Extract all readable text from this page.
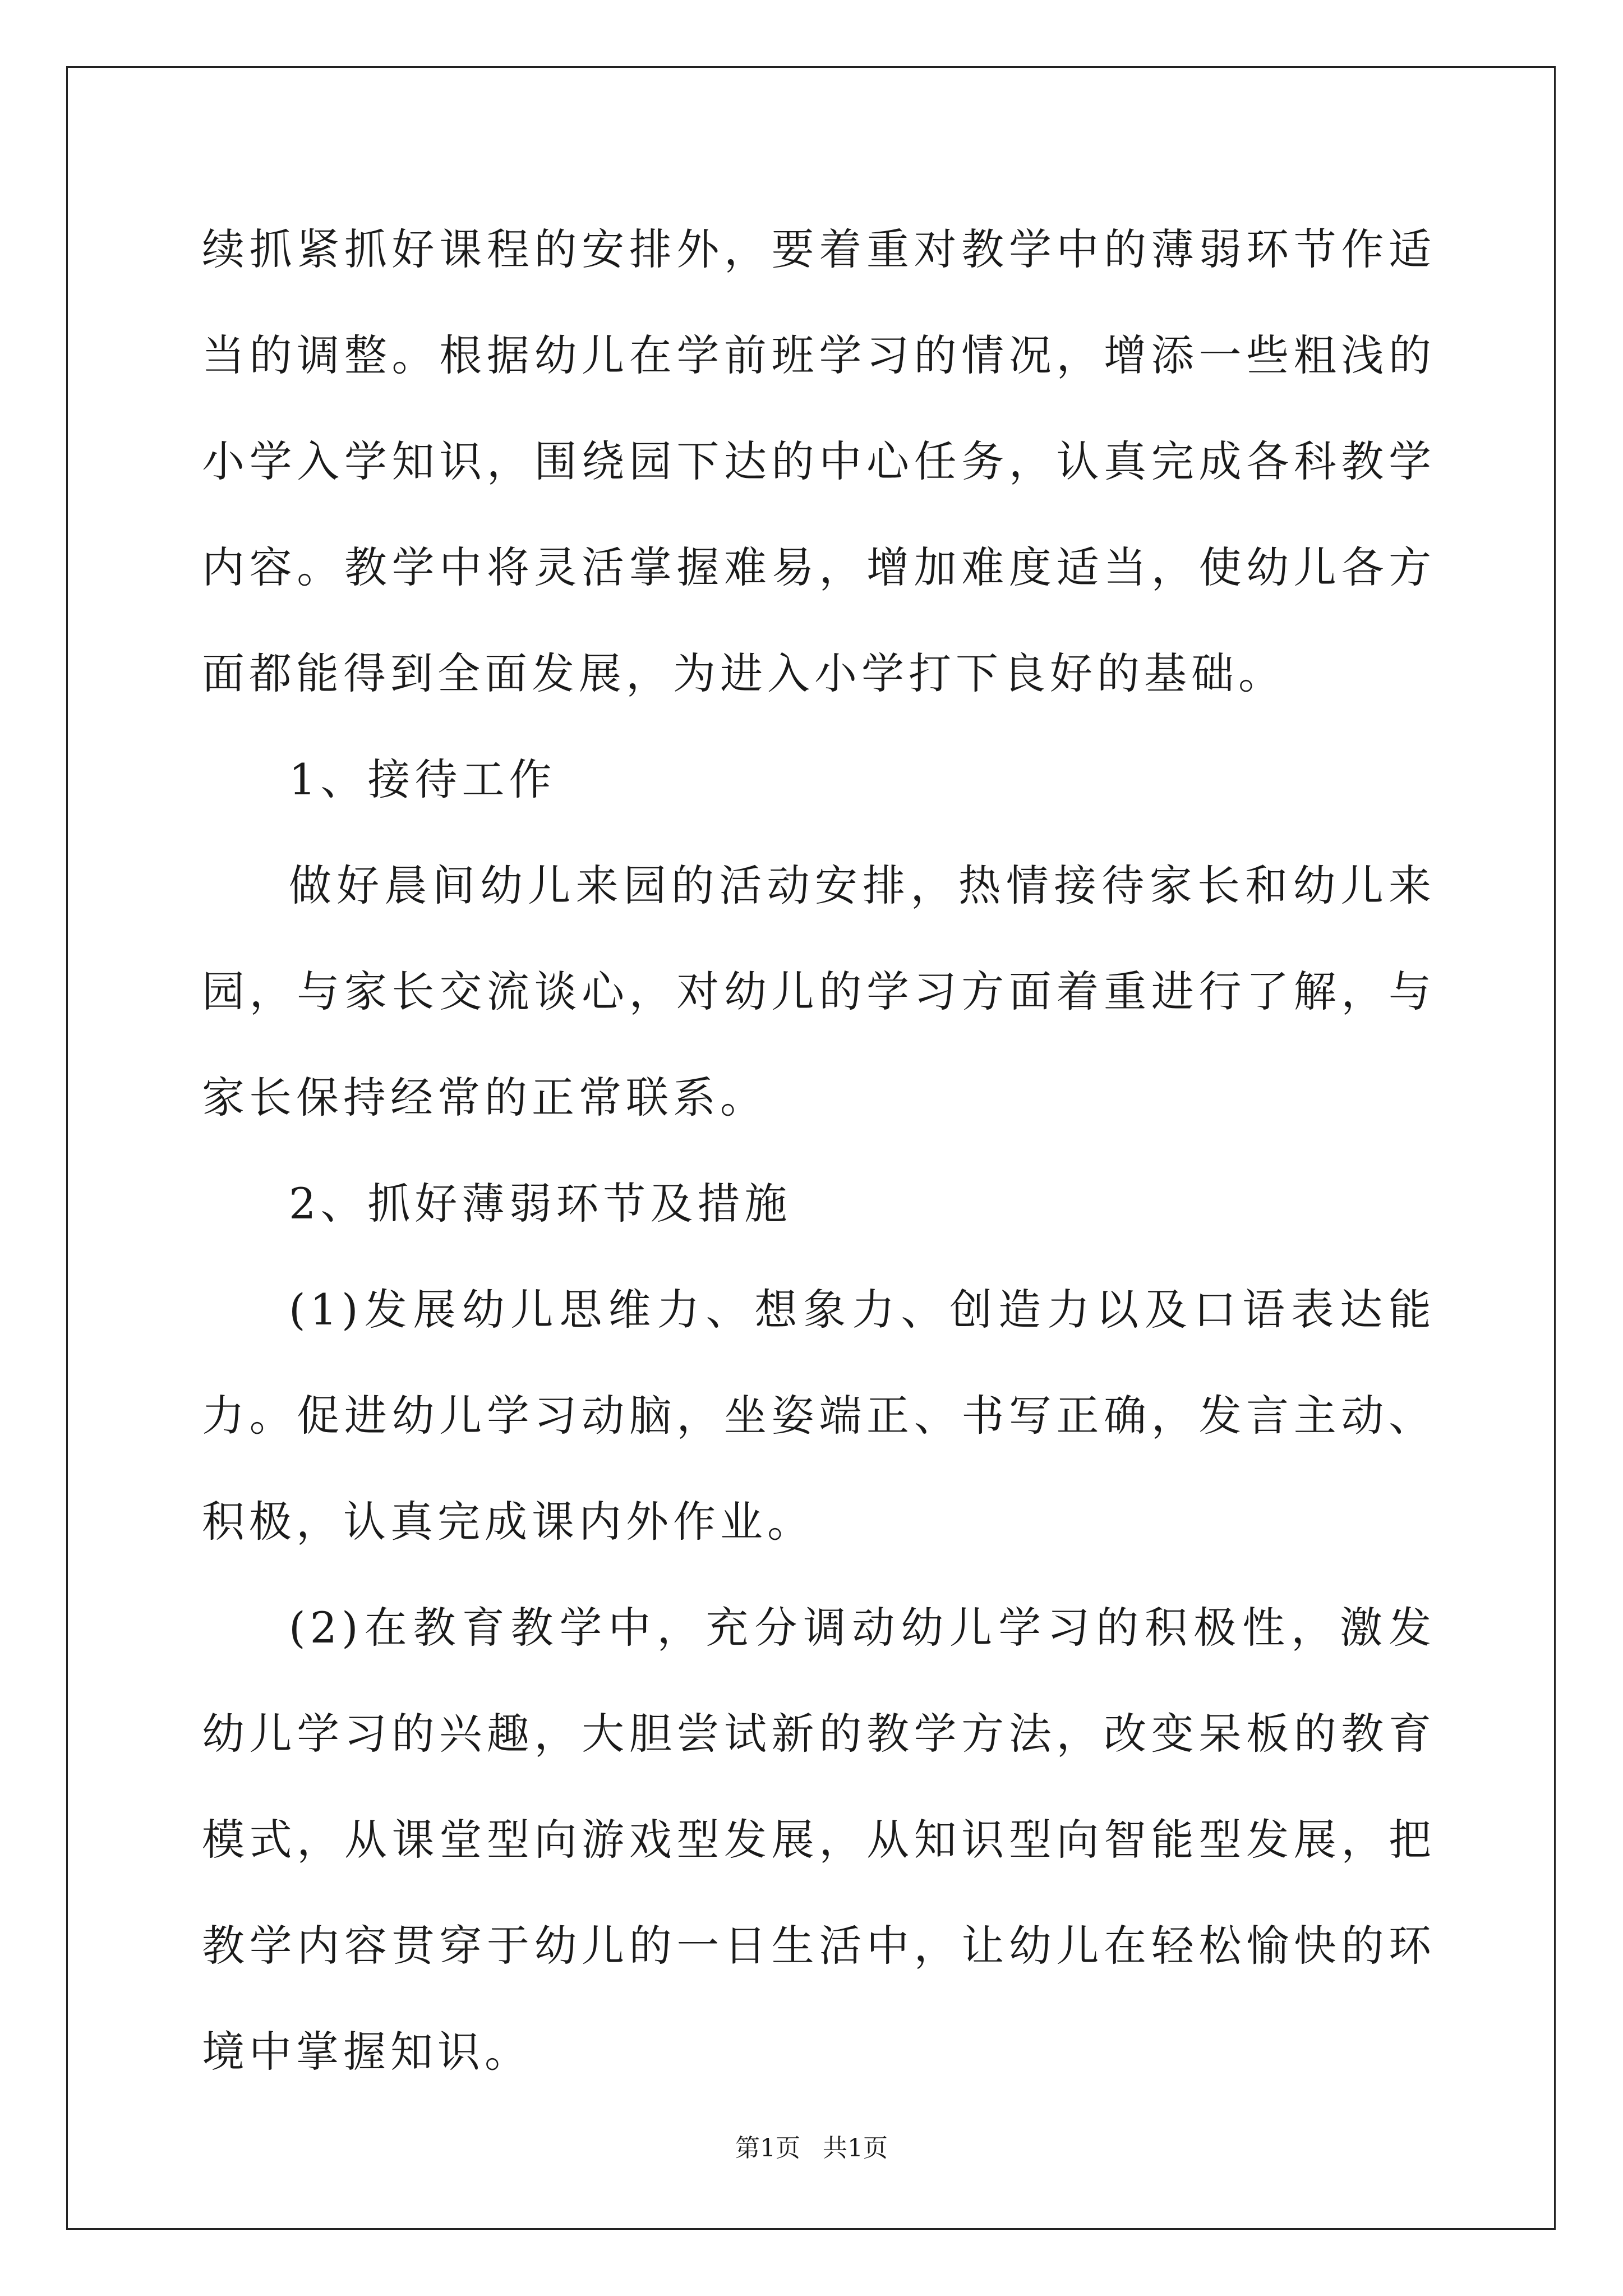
续抓紧抓好课程的安排外，要着重对教学中的薄弱环节作适当的调整。根据幼儿在学前班学习的情况，增添一些粗浅的小学入学知识，围绕园下达的中心任务，认真完成各科教学内容。教学中将灵活掌握难易，增加难度适当，使幼儿各方面都能得到全面发展，为进入小学打下良好的基础。

1、接待工作

做好晨间幼儿来园的活动安排，热情接待家长和幼儿来园，与家长交流谈心，对幼儿的学习方面着重进行了解，与家长保持经常的正常联系。

2、抓好薄弱环节及措施

(1)发展幼儿思维力、想象力、创造力以及口语表达能力。促进幼儿学习动脑，坐姿端正、书写正确，发言主动、积极，认真完成课内外作业。

(2)在教育教学中，充分调动幼儿学习的积极性，激发幼儿学习的兴趣，大胆尝试新的教学方法，改变呆板的教育模式，从课堂型向游戏型发展，从知识型向智能型发展，把教学内容贯穿于幼儿的一日生活中，让幼儿在轻松愉快的环境中掌握知识。

第1页 共1页
